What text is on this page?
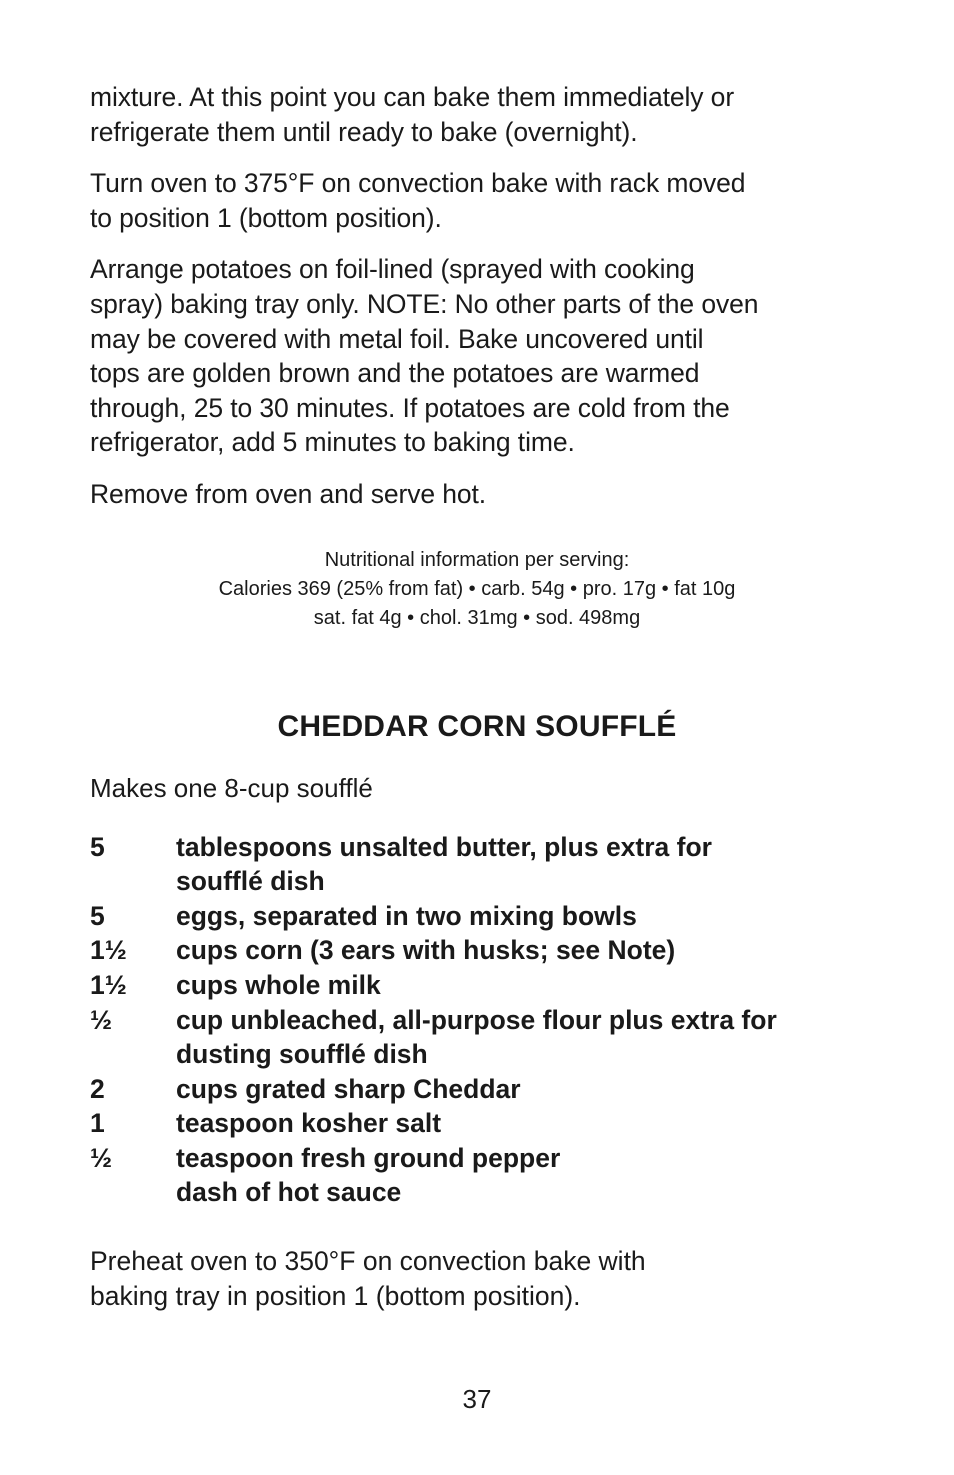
mixture. At this point you can bake them immediately or
refrigerate them until ready to bake (overnight).

Turn oven to 375°F on convection bake with rack moved
to position 1 (bottom position).

Arrange potatoes on foil-lined (sprayed with cooking
spray) baking tray only. NOTE: No other parts of the oven
may be covered with metal foil. Bake uncovered until
tops are golden brown and the potatoes are warmed
through, 25 to 30 minutes. If potatoes are cold from the
refrigerator, add 5 minutes to baking time.

Remove from oven and serve hot.

Nutritional information per serving:
Calories 369 (25% from fat) • carb. 54g • pro. 17g • fat 10g
sat. fat 4g • chol. 31mg • sod. 498mg
CHEDDAR CORN SOUFFLÉ
Makes one 8-cup soufflé
5	tablespoons unsalted butter, plus extra for
soufflé dish
5	eggs, separated in two mixing bowls
1½	cups corn (3 ears with husks; see Note)
1½	cups whole milk
½	cup unbleached, all-purpose flour plus extra for
dusting soufflé dish
2	cups grated sharp Cheddar
1	teaspoon kosher salt
½	teaspoon fresh ground pepper
dash of hot sauce

Preheat oven to 350°F on convection bake with
baking tray in position 1 (bottom position).

37
